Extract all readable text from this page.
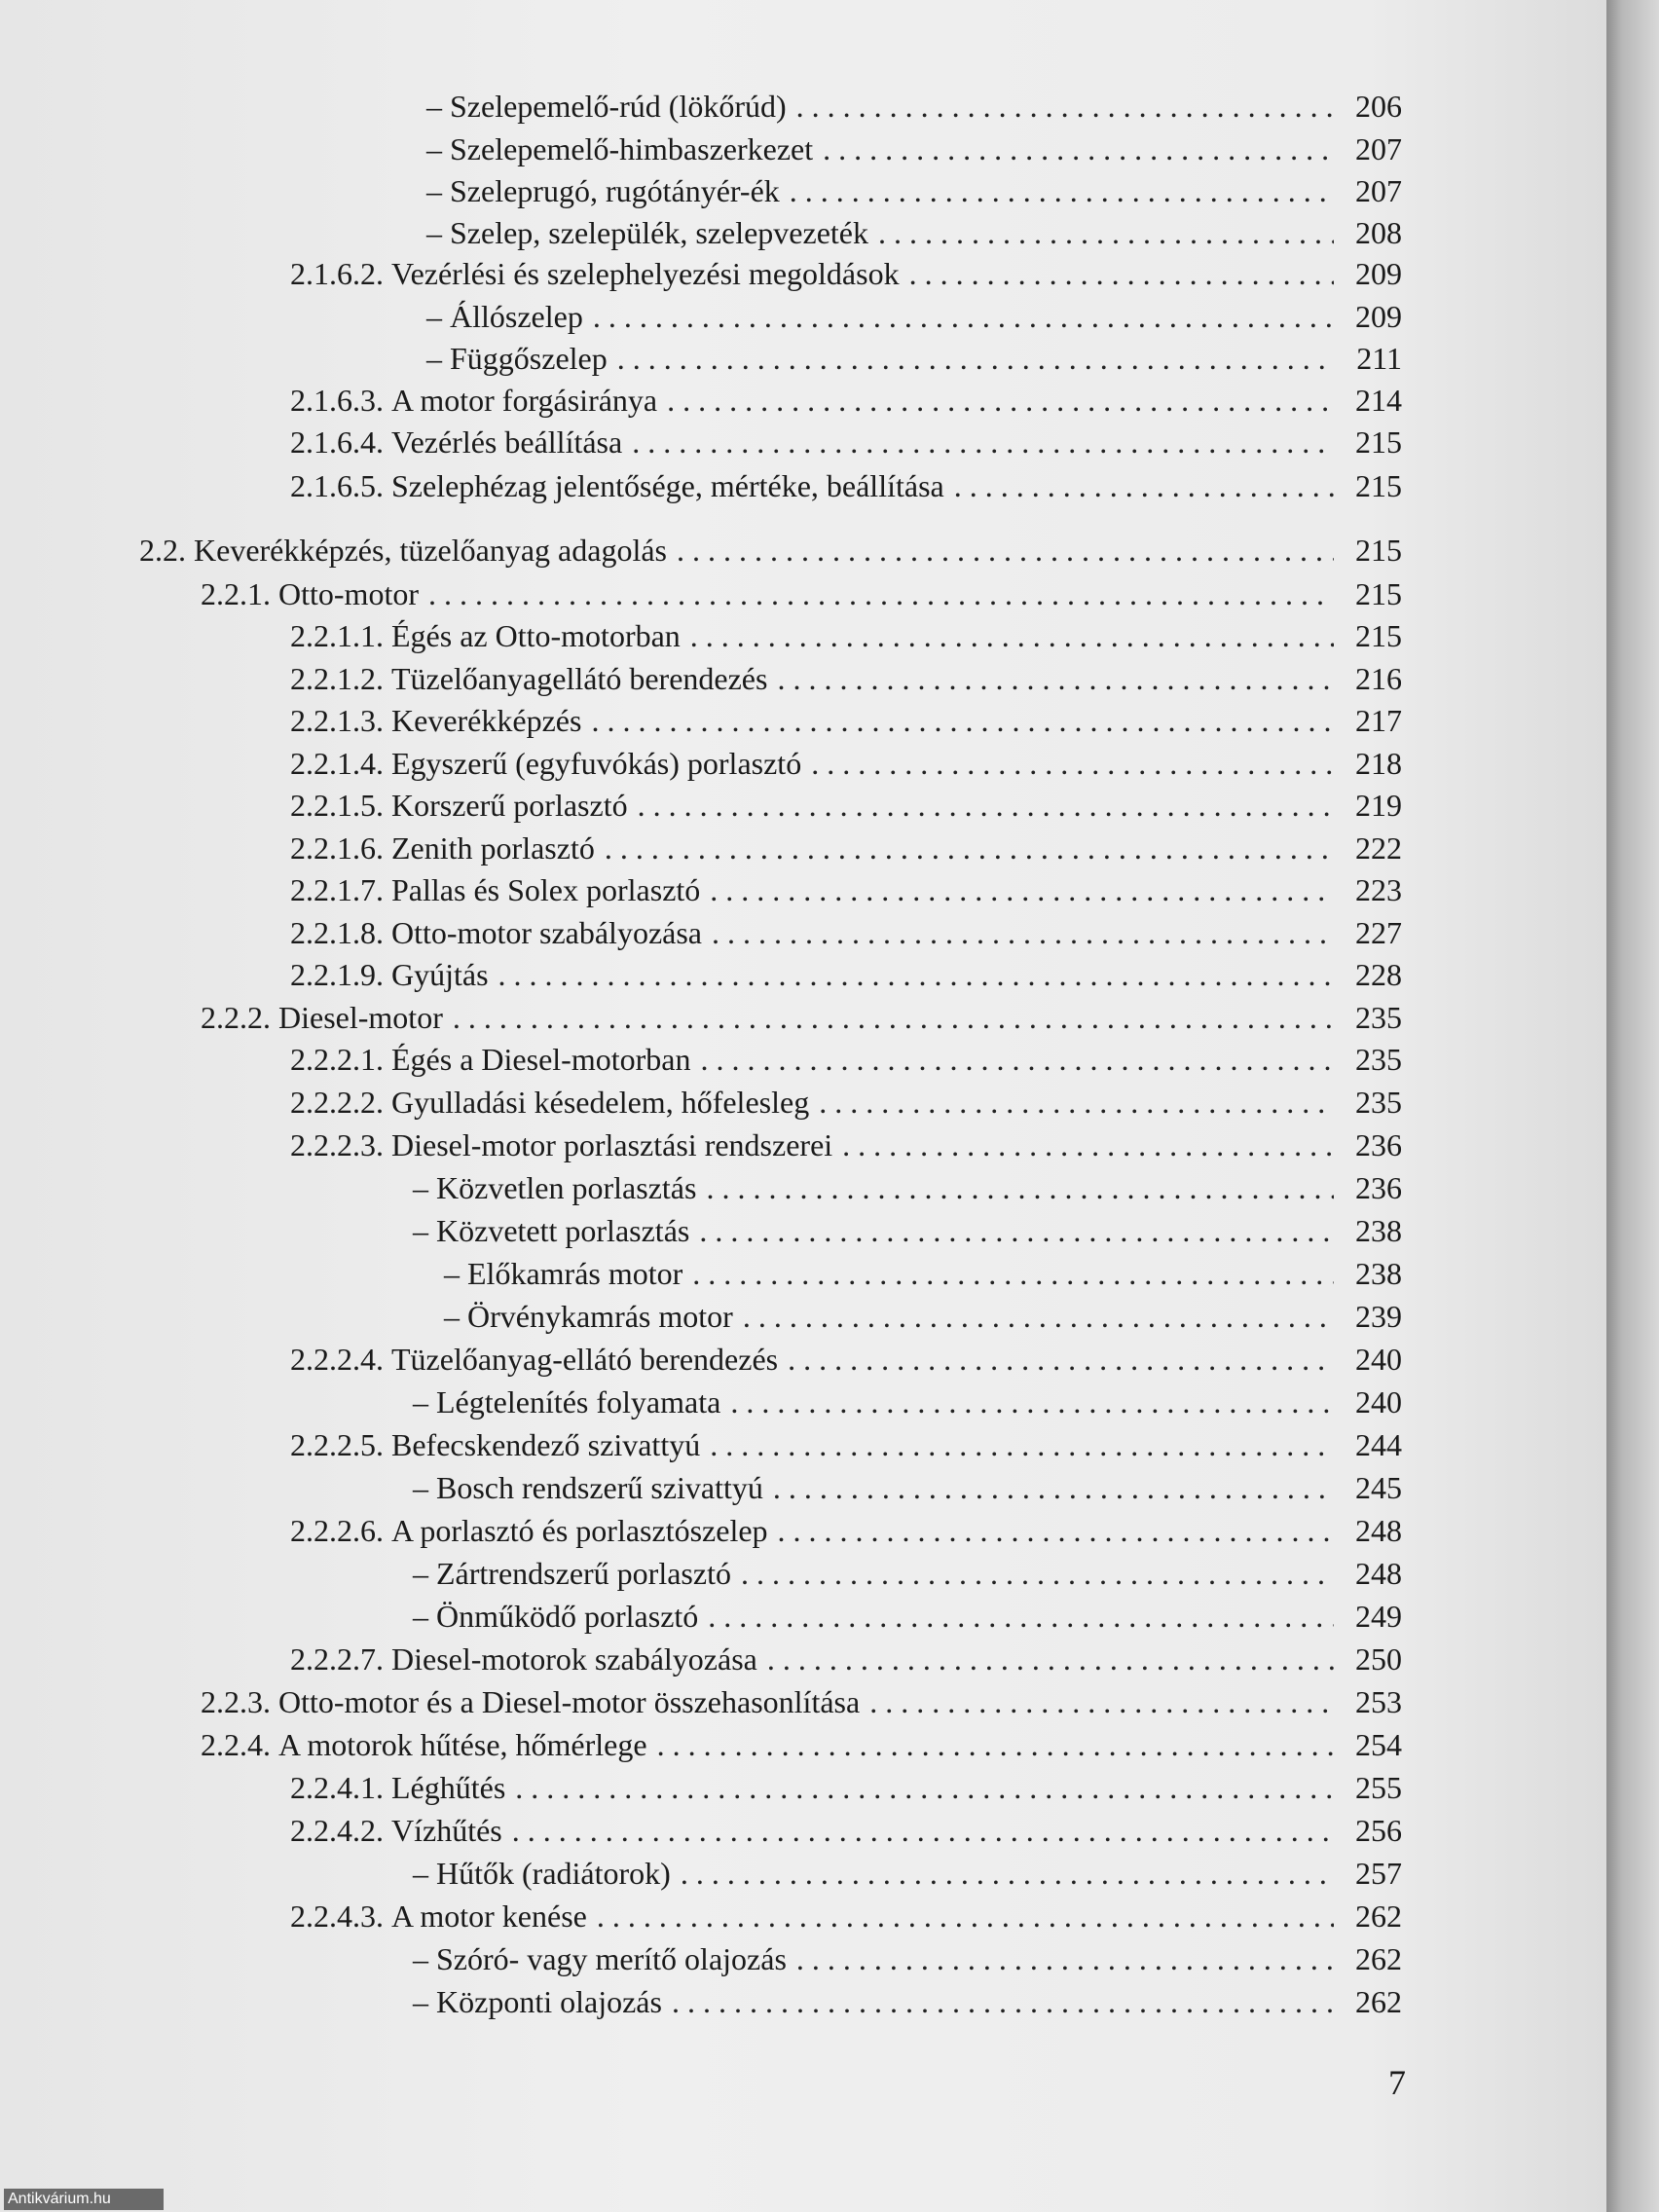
– Szelepemelő-rúd (lökőrúd) . . .	206
– Szelepemelő-himbaszerkezet . . .	207
– Szeleprugó, rugótányér-ék . . .	207
– Szelep, szelepülék, szelepvezeték . . .	208
2.1.6.2. Vezérlési és szelephelyezési megoldások . . .	209
– Állószelep . . .	209
– Függőszelep . . .	211
2.1.6.3. A motor forgásiránya . . .	214
2.1.6.4. Vezérlés beállítása . . .	215
2.1.6.5. Szelephézag jelentősége, mértéke, beállítása . . .	215
2.2. Keverékképzés, tüzelőanyag adagolás . . .	215
2.2.1. Otto-motor . . .	215
2.2.1.1. Égés az Otto-motorban . . .	215
2.2.1.2. Tüzelőanyagellátó berendezés . . .	216
2.2.1.3. Keverékképzés . . .	217
2.2.1.4. Egyszerű (egyfuvókás) porlasztó . . .	218
2.2.1.5. Korszerű porlasztó . . .	219
2.2.1.6. Zenith porlasztó . . .	222
2.2.1.7. Pallas és Solex porlasztó . . .	223
2.2.1.8. Otto-motor szabályozása . . .	227
2.2.1.9. Gyújtás . . .	228
2.2.2. Diesel-motor . . .	235
2.2.2.1. Égés a Diesel-motorban . . .	235
2.2.2.2. Gyulladási késedelem, hőfelesleg . . .	235
2.2.2.3. Diesel-motor porlasztási rendszerei . . .	236
– Közvetlen porlasztás . . .	236
– Közvetett porlasztás . . .	238
– Előkamrás motor . . .	238
– Örvénykamrás motor . . .	239
2.2.2.4. Tüzelőanyag-ellátó berendezés . . .	240
– Légtelenítés folyamata . . .	240
2.2.2.5. Befecskendező szivattyú . . .	244
– Bosch rendszerű szivattyú . . .	245
2.2.2.6. A porlasztó és porlasztószelep . . .	248
– Zártrendszerű porlasztó . . .	248
– Önműködő porlasztó . . .	249
2.2.2.7. Diesel-motorok szabályozása . . .	250
2.2.3. Otto-motor és a Diesel-motor összehasonlítása . . .	253
2.2.4. A motorok hűtése, hőmérlege . . .	254
2.2.4.1. Léghűtés . . .	255
2.2.4.2. Vízhűtés . . .	256
– Hűtők (radiátorok) . . .	257
2.2.4.3. A motor kenése . . .	262
– Szóró- vagy merítő olajozás . . .	262
– Központi olajozás . . .	262
7
Antikvárium.hu
